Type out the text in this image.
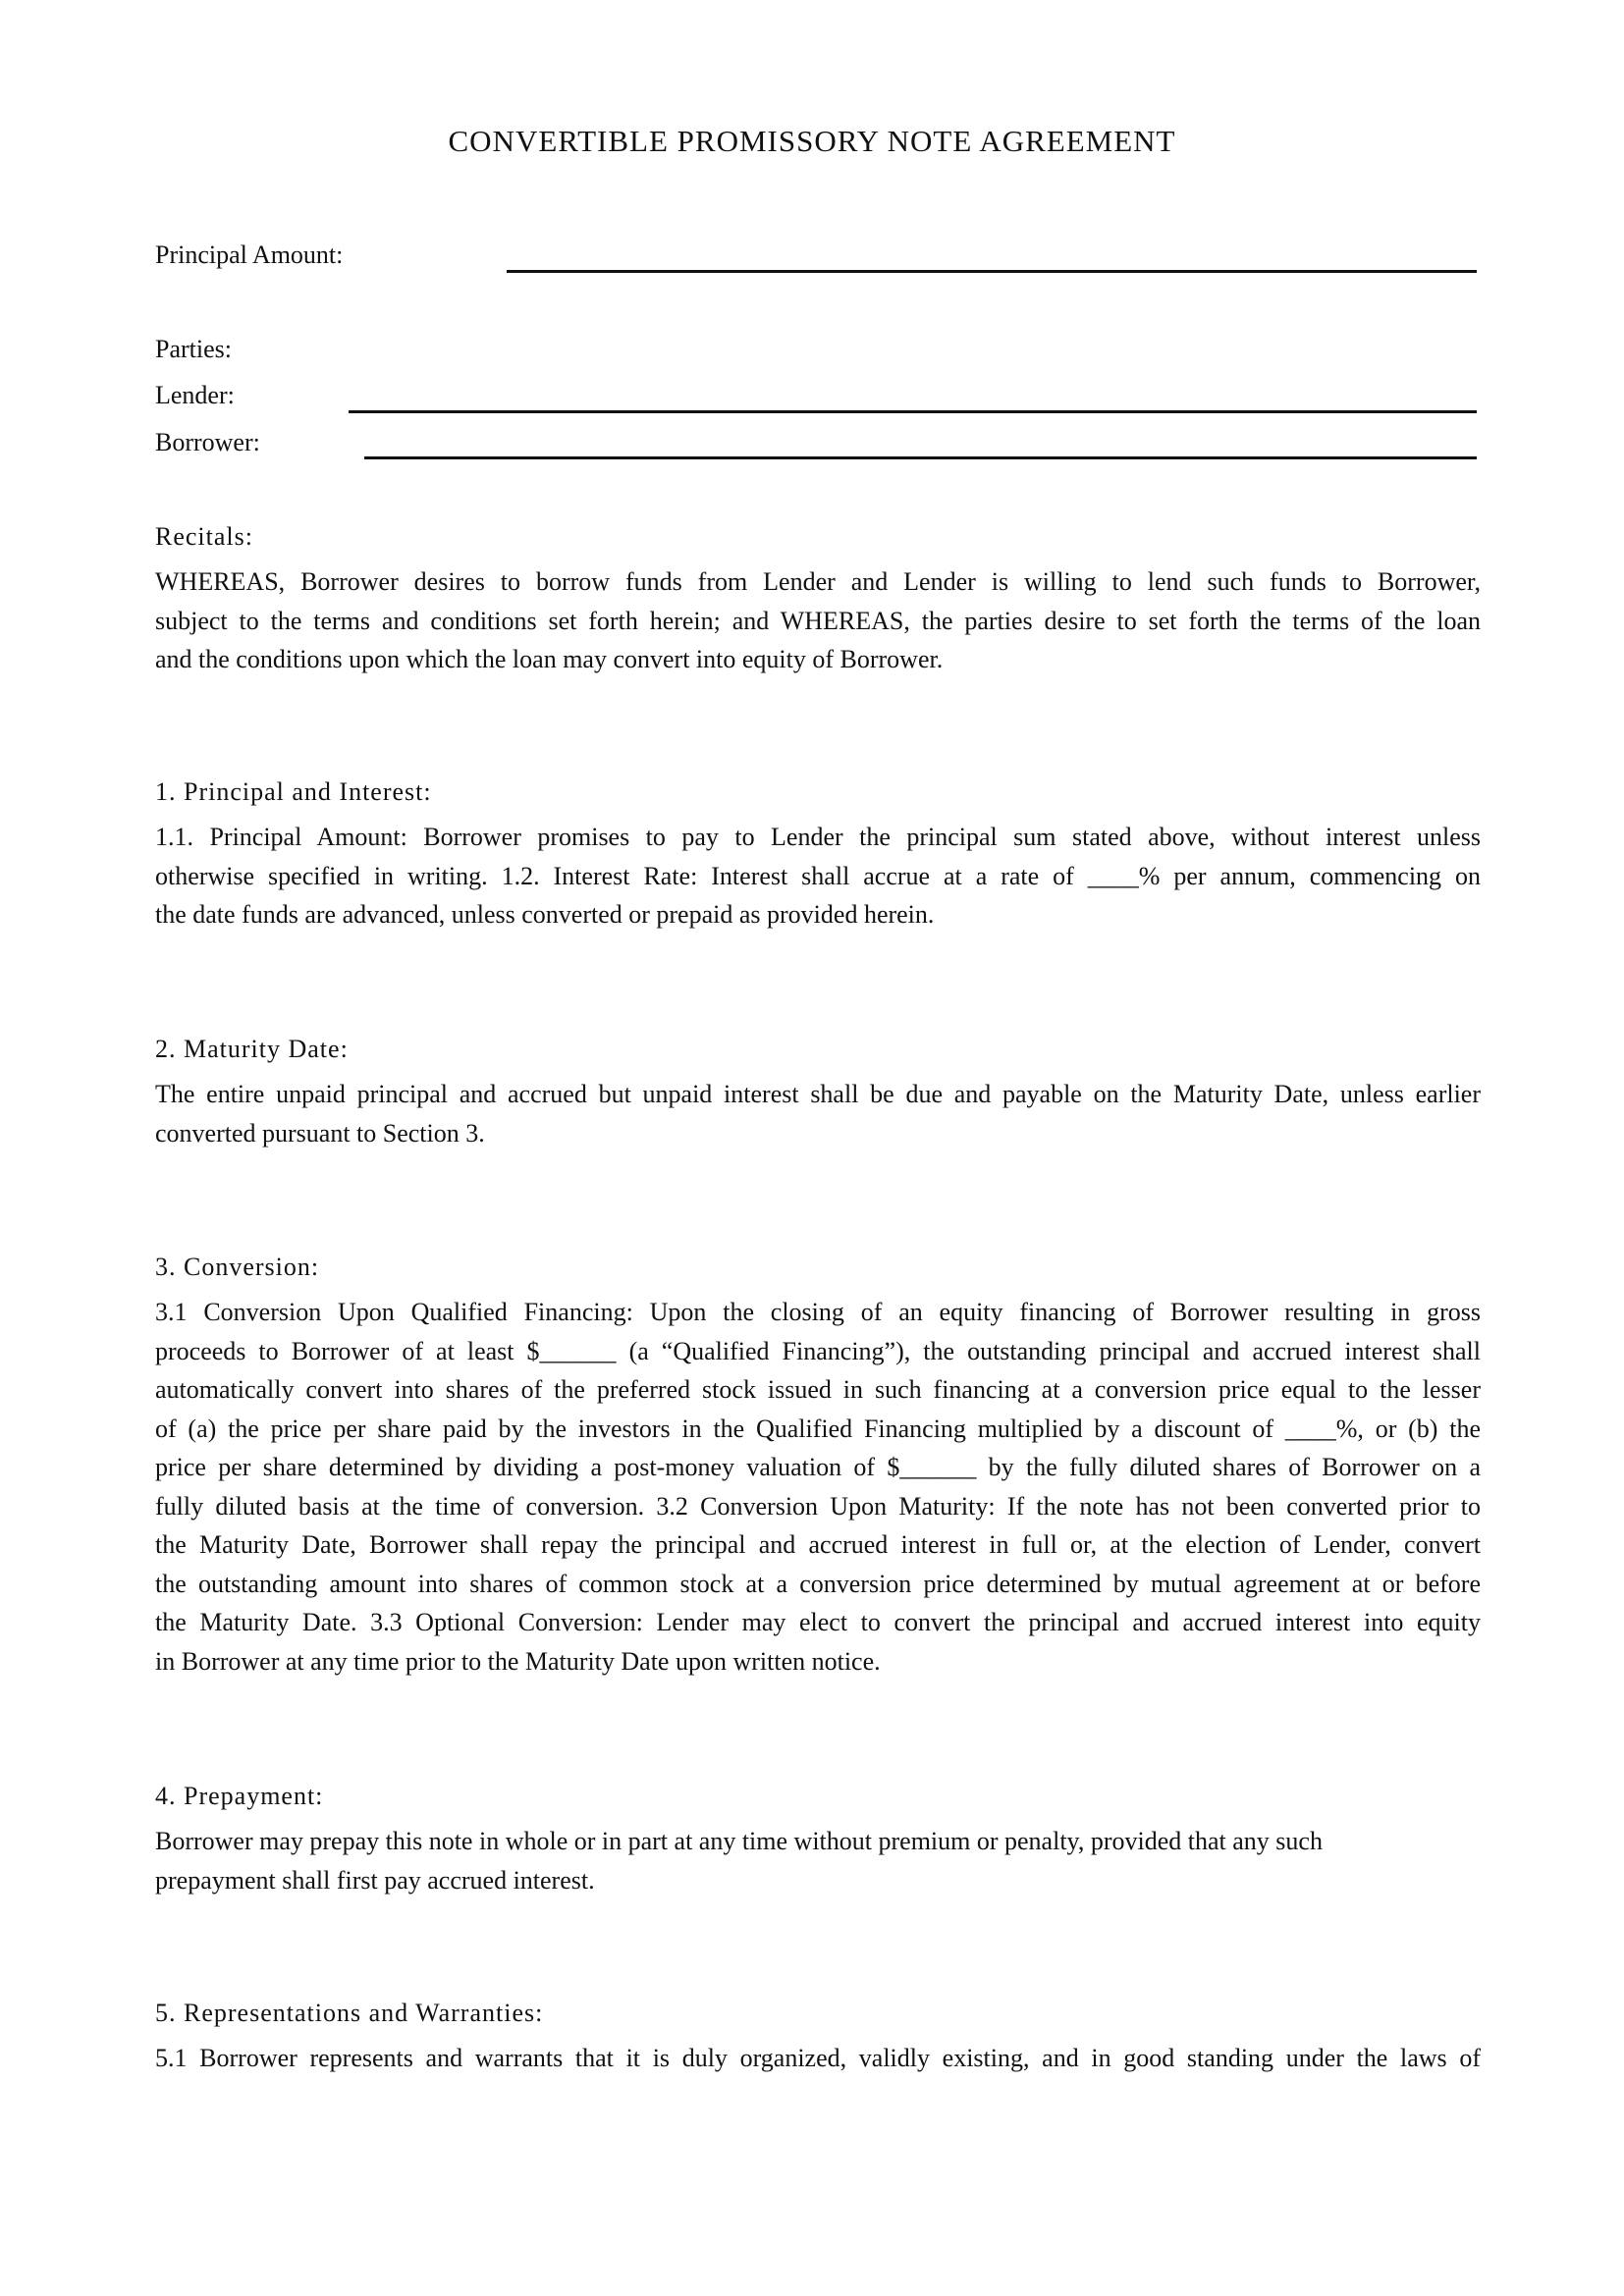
CONVERTIBLE PROMISSORY NOTE AGREEMENT
Principal Amount:
Parties:
Lender:
Borrower:
Recitals:
WHEREAS, Borrower desires to borrow funds from Lender and Lender is willing to lend such funds to Borrower,
subject to the terms and conditions set forth herein; and WHEREAS, the parties desire to set forth the terms of the loan
and the conditions upon which the loan may convert into equity of Borrower.
1. Principal and Interest:
1.1. Principal Amount: Borrower promises to pay to Lender the principal sum stated above, without interest unless
otherwise specified in writing. 1.2. Interest Rate: Interest shall accrue at a rate of ____% per annum, commencing on
the date funds are advanced, unless converted or prepaid as provided herein.
2. Maturity Date:
The entire unpaid principal and accrued but unpaid interest shall be due and payable on the Maturity Date, unless earlier
converted pursuant to Section 3.
3. Conversion:
3.1 Conversion Upon Qualified Financing: Upon the closing of an equity financing of Borrower resulting in gross
proceeds to Borrower of at least $______ (a “Qualified Financing”), the outstanding principal and accrued interest shall
automatically convert into shares of the preferred stock issued in such financing at a conversion price equal to the lesser
of (a) the price per share paid by the investors in the Qualified Financing multiplied by a discount of ____%, or (b) the
price per share determined by dividing a post-money valuation of $______ by the fully diluted shares of Borrower on a
fully diluted basis at the time of conversion. 3.2 Conversion Upon Maturity: If the note has not been converted prior to
the Maturity Date, Borrower shall repay the principal and accrued interest in full or, at the election of Lender, convert
the outstanding amount into shares of common stock at a conversion price determined by mutual agreement at or before
the Maturity Date. 3.3 Optional Conversion: Lender may elect to convert the principal and accrued interest into equity
in Borrower at any time prior to the Maturity Date upon written notice.
4. Prepayment:
Borrower may prepay this note in whole or in part at any time without premium or penalty, provided that any such
prepayment shall first pay accrued interest.
5. Representations and Warranties:
5.1 Borrower represents and warrants that it is duly organized, validly existing, and in good standing under the laws of
